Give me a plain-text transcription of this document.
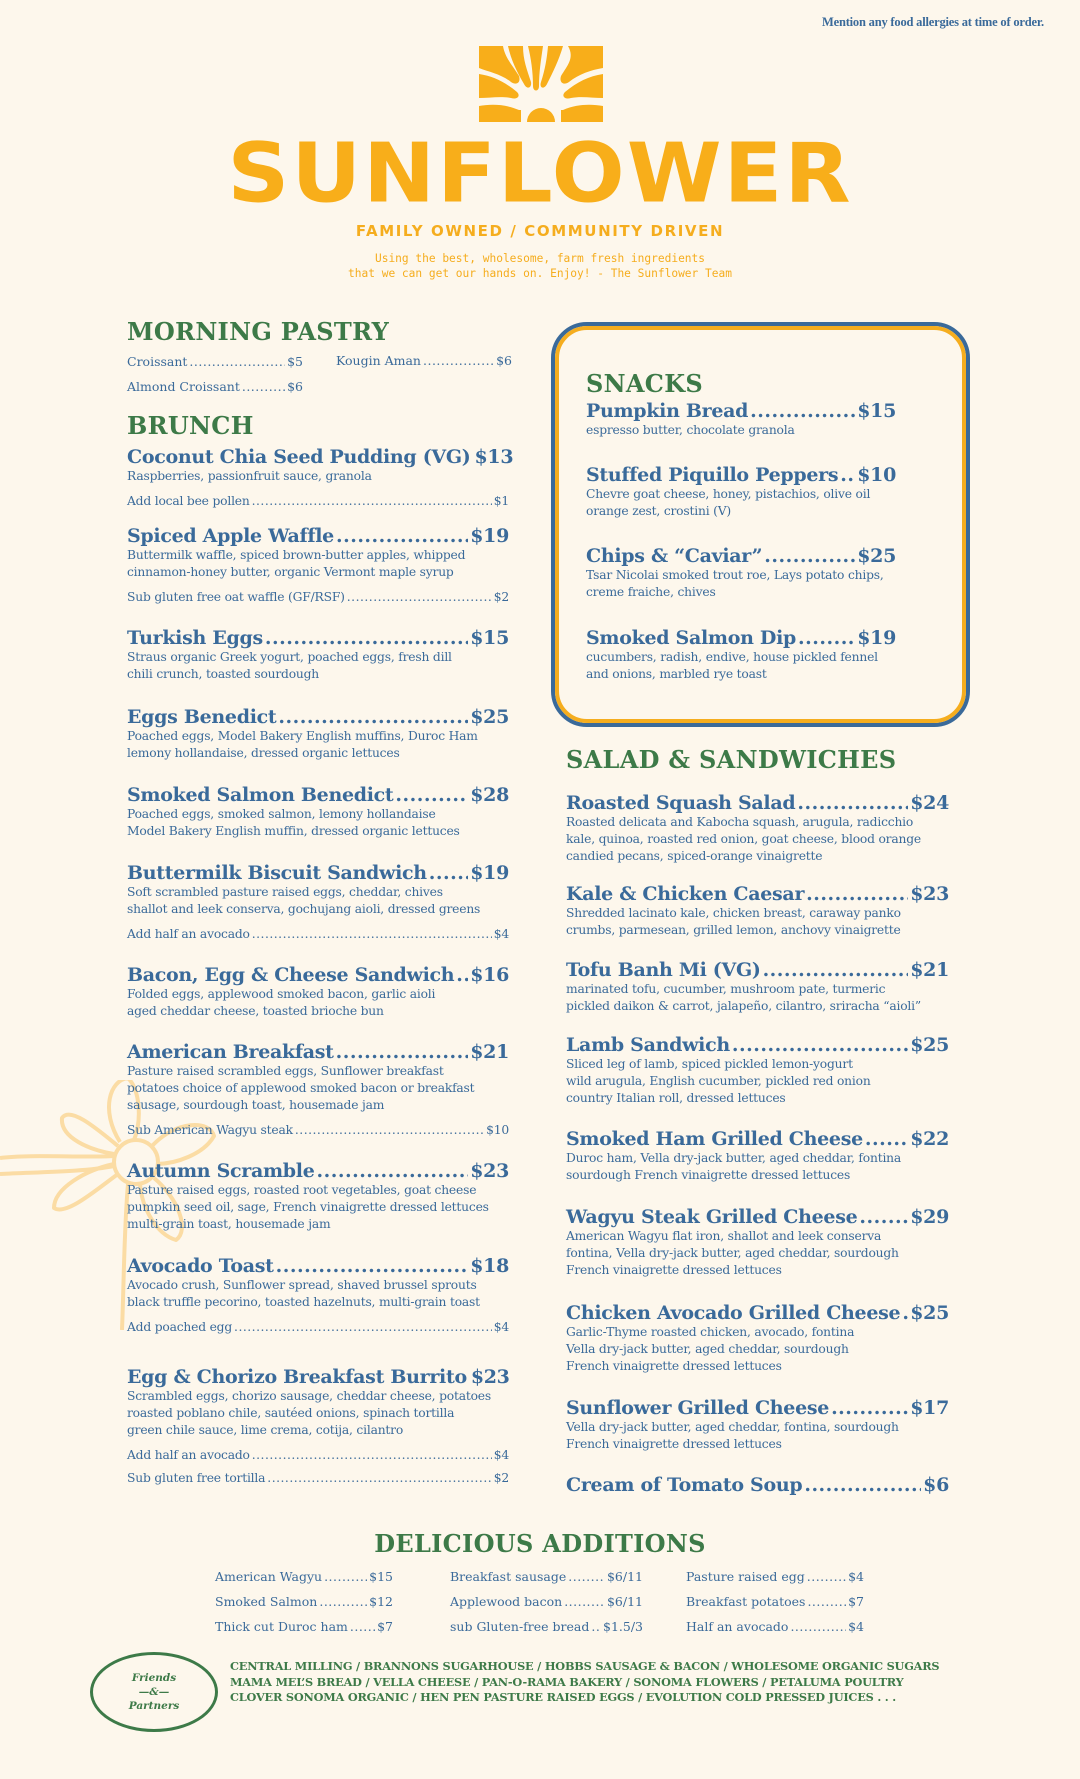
Mention any food allergies at time of order.
SUNFLOWER
FAMILY OWNED / COMMUNITY DRIVEN
Using the best, wholesome, farm fresh ingredients
that we can get our hands on. Enjoy! - The Sunflower Team
MORNING PASTRY
Croissant .....	$5
Almond Croissant .....	$6
Kougin Aman .....	$6
BRUNCH
Coconut Chia Seed Pudding (VG) $13
Raspberries, passionfruit sauce, granola
Add local bee pollen .....	$1
Spiced Apple Waffle .....	$19
Buttermilk waffle, spiced brown-butter apples, whipped
cinnamon-honey butter, organic Vermont maple syrup
Sub gluten free oat waffle (GF/RSF) .....	$2
Turkish Eggs .....	$15
Straus organic Greek yogurt, poached eggs, fresh dill
chili crunch, toasted sourdough
Eggs Benedict .....	$25
Poached eggs, Model Bakery English muffins, Duroc Ham
lemony hollandaise, dressed organic lettuces
Smoked Salmon Benedict .....	$28
Poached eggs, smoked salmon, lemony hollandaise
Model Bakery English muffin, dressed organic lettuces
Buttermilk Biscuit Sandwich ..... $19
Soft scrambled pasture raised eggs, cheddar, chives
shallot and leek conserva, gochujang aioli, dressed greens
Add half an avocado .....	$4
Bacon, Egg & Cheese Sandwich ..... $16
Folded eggs, applewood smoked bacon, garlic aioli
aged cheddar cheese, toasted brioche bun
American Breakfast .....	$21
Pasture raised scrambled eggs, Sunflower breakfast
potatoes choice of applewood smoked bacon or breakfast
sausage, sourdough toast, housemade jam
Sub American Wagyu steak .....	$10
Autumn Scramble .....	$23
Pasture raised eggs, roasted root vegetables, goat cheese
pumpkin seed oil, sage, French vinaigrette dressed lettuces
multi-grain toast, housemade jam
Avocado Toast .....	$18
Avocado crush, Sunflower spread, shaved brussel sprouts
black truffle pecorino, toasted hazelnuts, multi-grain toast
Add poached egg .....	$4
Egg & Chorizo Breakfast Burrito $23
Scrambled eggs, chorizo sausage, cheddar cheese, potatoes
roasted poblano chile, sautéed onions, spinach tortilla
green chile sauce, lime crema, cotija, cilantro
Add half an avocado .....	$4
Sub gluten free tortilla .....	$2
SNACKS
Pumpkin Bread .....	$15
espresso butter, chocolate granola
Stuffed Piquillo Peppers ..... $10
Chevre goat cheese, honey, pistachios, olive oil
orange zest, crostini (V)
Chips & “Caviar” .....	$25
Tsar Nicolai smoked trout roe, Lays potato chips,
creme fraiche, chives
Smoked Salmon Dip .....	$19
cucumbers, radish, endive, house pickled fennel
and onions, marbled rye toast
SALAD & SANDWICHES
Roasted Squash Salad .....	$24
Roasted delicata and Kabocha squash, arugula, radicchio
kale, quinoa, roasted red onion, goat cheese, blood orange
candied pecans, spiced-orange vinaigrette
Kale & Chicken Caesar .....	$23
Shredded lacinato kale, chicken breast, caraway panko
crumbs, parmesean, grilled lemon, anchovy vinaigrette
Tofu Banh Mi (VG) .....	$21
marinated tofu, cucumber, mushroom pate, turmeric
pickled daikon & carrot, jalapeño, cilantro, sriracha “aioli”
Lamb Sandwich .....	$25
Sliced leg of lamb, spiced pickled lemon-yogurt
wild arugula, English cucumber, pickled red onion
country Italian roll, dressed lettuces
Smoked Ham Grilled Cheese ..... $22
Duroc ham, Vella dry-jack butter, aged cheddar, fontina
sourdough French vinaigrette dressed lettuces
Wagyu Steak Grilled Cheese .....	$29
American Wagyu flat iron, shallot and leek conserva
fontina, Vella dry-jack butter, aged cheddar, sourdough
French vinaigrette dressed lettuces
Chicken Avocado Grilled Cheese ..... $25
Garlic-Thyme roasted chicken, avocado, fontina
Vella dry-jack butter, aged cheddar, sourdough
French vinaigrette dressed lettuces
Sunflower Grilled Cheese .....	$17
Vella dry-jack butter, aged cheddar, fontina, sourdough
French vinaigrette dressed lettuces
Cream of Tomato Soup .....	$6
DELICIOUS ADDITIONS
American Wagyu .....	$15
Smoked Salmon .....	$12
Thick cut Duroc ham ..... $7
Breakfast sausage .....	$6/11
Applewood bacon .....	$6/11
sub Gluten-free bread ..... $1.5/3
Pasture raised egg .....	$4
Breakfast potatoes .....	$7
Half an avocado .....	$4
Friends
—&—
Partners
CENTRAL MILLING / BRANNONS SUGARHOUSE / HOBBS SAUSAGE & BACON / WHOLESOME ORGANIC SUGARS
MAMA MEL’S BREAD / VELLA CHEESE / PAN-O-RAMA BAKERY / SONOMA FLOWERS / PETALUMA POULTRY
CLOVER SONOMA ORGANIC / HEN PEN PASTURE RAISED EGGS / EVOLUTION COLD PRESSED JUICES . . .
